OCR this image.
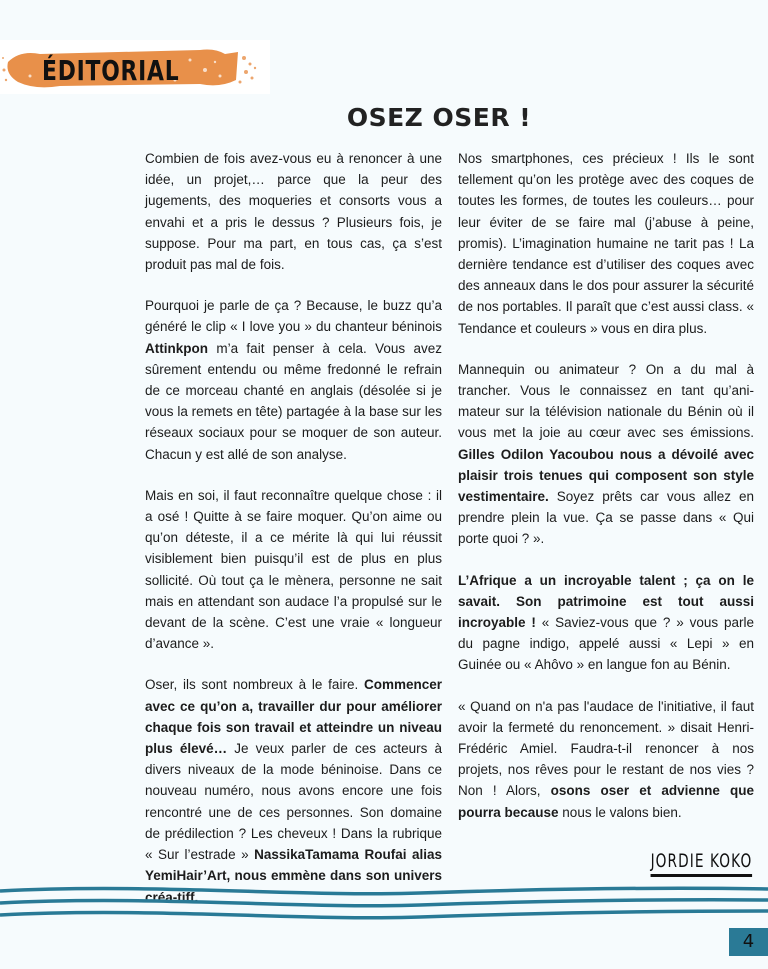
ÉDITORIAL
OSEZ OSER !

Combien de fois avez-vous eu à renoncer à une idée, un projet,… parce que la peur des jugements, des moqueries et consorts vous a envahi et a pris le dessus ? Plusieurs fois, je suppose. Pour ma part, en tous cas, ça s’est produit pas mal de fois.

Pourquoi je parle de ça ? Because, le buzz qu’a généré le clip « I love you » du chanteur béninois Attinkpon m’a fait penser à cela. Vous avez sûrement entendu ou même fredonné le refrain de ce morceau chanté en anglais (désolée si je vous la remets en tête) partagée à la base sur les réseaux sociaux pour se moquer de son auteur. Chacun y est allé de son analyse.

Mais en soi, il faut reconnaître quelque chose : il a osé ! Quitte à se faire moquer. Qu’on aime ou qu’on déteste, il a ce mérite là qui lui réussit visiblement bien puisqu’il est de plus en plus sollicité. Où tout ça le mènera, personne ne sait mais en attendant son audace l’a propulsé sur le devant de la scène. C’est une vraie « longueur d’avance ».

Oser, ils sont nombreux à le faire. Commencer avec ce qu’on a, travailler dur pour améliorer chaque fois son travail et atteindre un niveau plus élevé… Je veux parler de ces acteurs à divers niveaux de la mode béninoise. Dans ce nouveau numéro, nous avons encore une fois rencontré une de ces personnes. Son domaine de prédilection ? Les cheveux ! Dans la rubrique « Sur l’estrade » NassikaTamama Roufai alias YemiHair’Art, nous emmène dans son univers créa-tiff.

Nos smartphones, ces précieux ! Ils le sont tellement qu’on les protège avec des coques de toutes les formes, de toutes les couleurs… pour leur éviter de se faire mal (j’abuse à peine, promis). L’imagination humaine ne tarit pas ! La dernière tendance est d’utiliser des coques avec des anneaux dans le dos pour assurer la sécurité de nos portables. Il paraît que c’est aussi class. « Tendance et couleurs » vous en dira plus.

Mannequin ou animateur ? On a du mal à trancher. Vous le connaissez en tant qu’animateur sur la télévision nationale du Bénin où il vous met la joie au cœur avec ses émissions. Gilles Odilon Yacoubou nous a dévoilé avec plaisir trois tenues qui composent son style vestimentaire. Soyez prêts car vous allez en prendre plein la vue. Ça se passe dans « Qui porte quoi ? ».

L’Afrique a un incroyable talent ; ça on le savait. Son patrimoine est tout aussi incroyable ! « Saviez-vous que ? » vous parle du pagne indigo, appelé aussi « Lepi » en Guinée ou « Ahôvo » en langue fon au Bénin.

« Quand on n'a pas l'audace de l'initiative, il faut avoir la fermeté du renoncement. » disait Henri-Frédéric Amiel. Faudra-t-il renoncer à nos projets, nos rêves pour le restant de nos vies ? Non ! Alors, osons oser et advienne que pourra because nous le valons bien.

JORDIE KOKO
4
